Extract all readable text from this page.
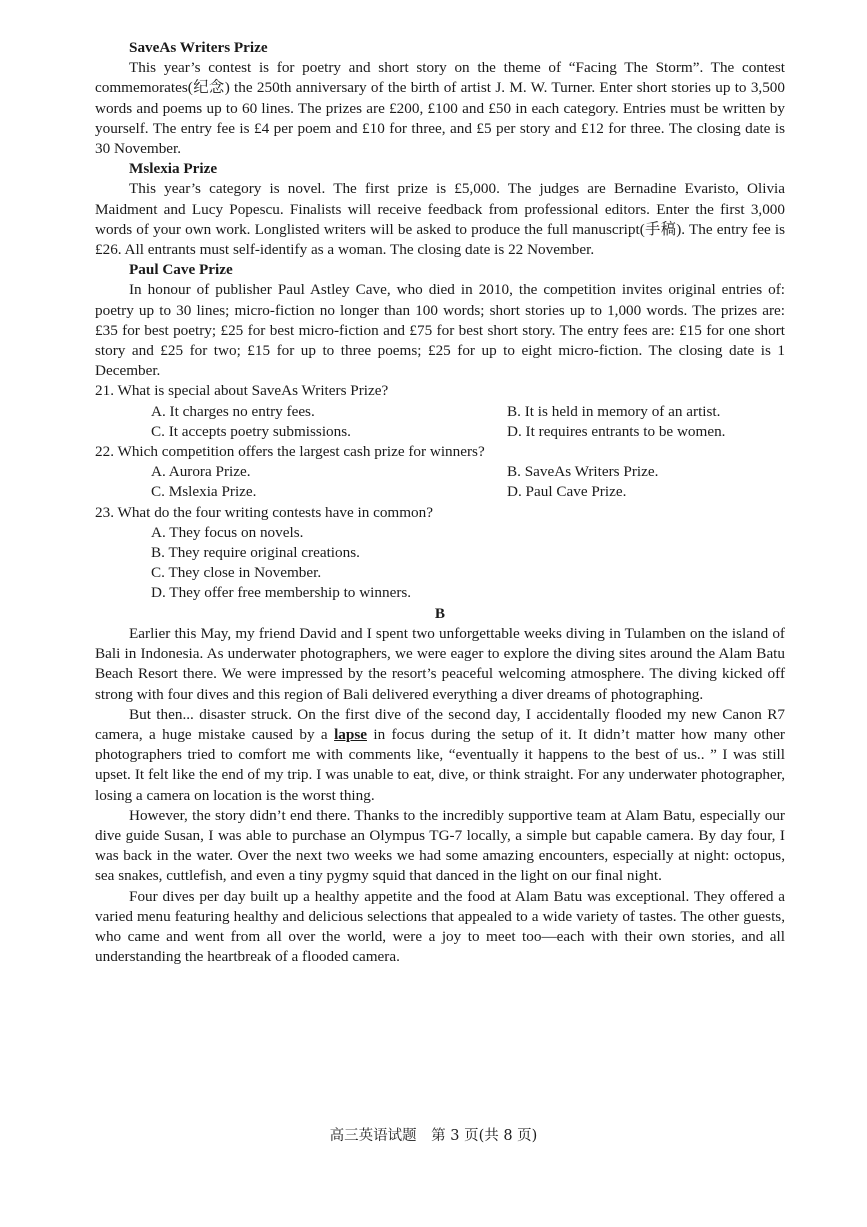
SaveAs Writers Prize

This year’s contest is for poetry and short story on the theme of “Facing The Storm”. The contest commemorates(纪念) the 250th anniversary of the birth of artist J. M. W. Turner. Enter short stories up to 3,500 words and poems up to 60 lines. The prizes are £200, £100 and £50 in each category. Entries must be written by yourself. The entry fee is £4 per poem and £10 for three, and £5 per story and £12 for three. The closing date is 30 November.

Mslexia Prize

This year’s category is novel. The first prize is £5,000. The judges are Bernadine Evaristo, Olivia Maidment and Lucy Popescu. Finalists will receive feedback from professional editors. Enter the first 3,000 words of your own work. Longlisted writers will be asked to produce the full manuscript(手稿). The entry fee is £26. All entrants must self-identify as a woman. The closing date is 22 November.

Paul Cave Prize

In honour of publisher Paul Astley Cave, who died in 2010, the competition invites original entries of: poetry up to 30 lines; micro-fiction no longer than 100 words; short stories up to 1,000 words. The prizes are: £35 for best poetry; £25 for best micro-fiction and £75 for best short story. The entry fees are: £15 for one short story and £25 for two; £15 for up to three poems; £25 for up to eight micro-fiction. The closing date is 1 December.

21. What is special about SaveAs Writers Prize?

A. It charges no entry fees.	B. It is held in memory of an artist.

C. It accepts poetry submissions.	D. It requires entrants to be women.

22. Which competition offers the largest cash prize for winners?

A. Aurora Prize.	B. SaveAs Writers Prize.

C. Mslexia Prize.	D. Paul Cave Prize.

23. What do the four writing contests have in common?

A. They focus on novels.

B. They require original creations.

C. They close in November.

D. They offer free membership to winners.

B

Earlier this May, my friend David and I spent two unforgettable weeks diving in Tulamben on the island of Bali in Indonesia. As underwater photographers, we were eager to explore the diving sites around the Alam Batu Beach Resort there. We were impressed by the resort’s peaceful welcoming atmosphere. The diving kicked off strong with four dives and this region of Bali delivered everything a diver dreams of photographing.

But then... disaster struck. On the first dive of the second day, I accidentally flooded my new Canon R7 camera, a huge mistake caused by a lapse in focus during the setup of it. It didn’t matter how many other photographers tried to comfort me with comments like, “eventually it happens to the best of us.. ” I was still upset. It felt like the end of my trip. I was unable to eat, dive, or think straight. For any underwater photographer, losing a camera on location is the worst thing.

However, the story didn’t end there. Thanks to the incredibly supportive team at Alam Batu, especially our dive guide Susan, I was able to purchase an Olympus TG-7 locally, a simple but capable camera. By day four, I was back in the water. Over the next two weeks we had some amazing encounters, especially at night: octopus, sea snakes, cuttlefish, and even a tiny pygmy squid that danced in the light on our final night.

Four dives per day built up a healthy appetite and the food at Alam Batu was exceptional. They offered a varied menu featuring healthy and delicious selections that appealed to a wide variety of tastes. The other guests, who came and went from all over the world, were a joy to meet too—each with their own stories, and all understanding the heartbreak of a flooded camera.

高三英语试题　第 3 页(共 8 页)
